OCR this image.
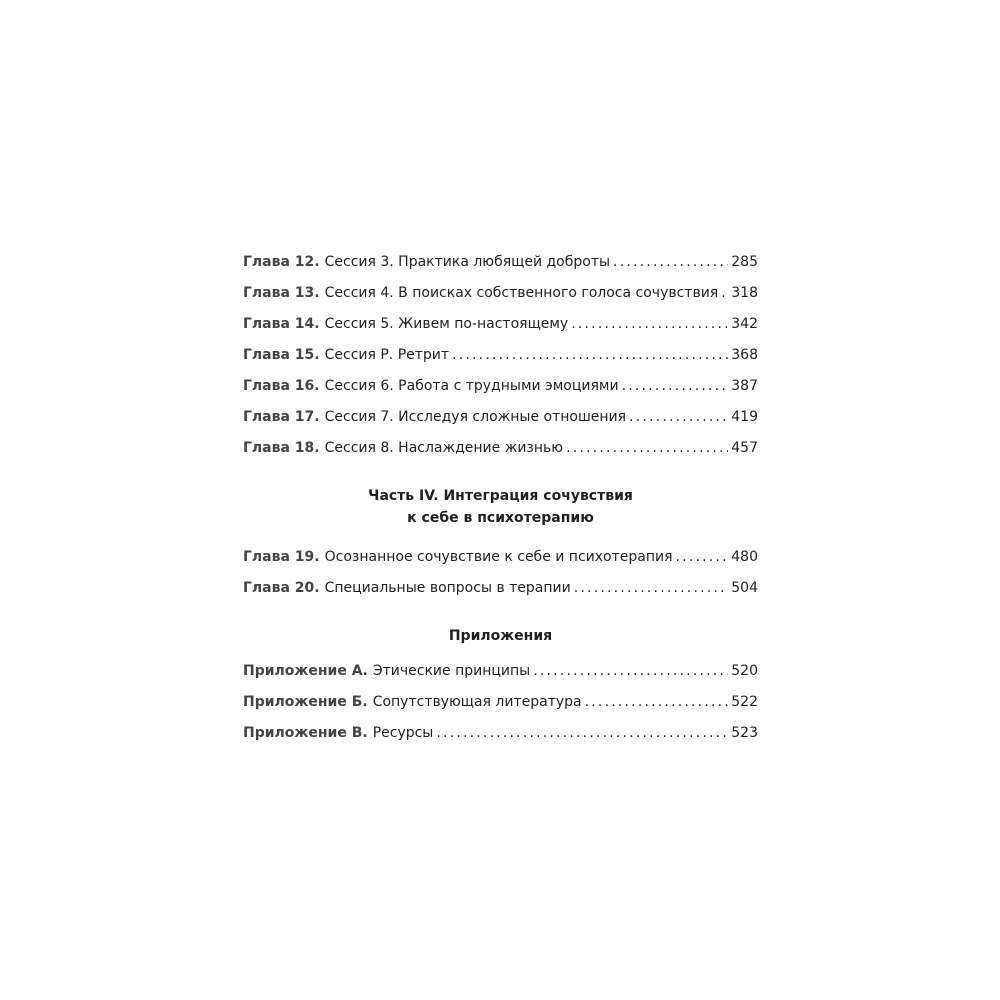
Глава 12. Сессия 3. Практика любящей доброты .....	285
Глава 13. Сессия 4. В поисках собственного голоса сочувствия ..... 318
Глава 14. Сессия 5. Живем по-настоящему .....	342
Глава 15. Сессия Р. Ретрит .....	368
Глава 16. Сессия 6. Работа с трудными эмоциями .....	387
Глава 17. Сессия 7. Исследуя сложные отношения .....	419
Глава 18. Сессия 8. Наслаждение жизнью .....	457
Часть IV. Интеграция сочувствия
к себе в психотерапию
Глава 19. Осознанное сочувствие к себе и психотерапия .....	480
Глава 20. Специальные вопросы в терапии .....	504
Приложения
Приложение А. Этические принципы .....	520
Приложение Б. Сопутствующая литература .....	522
Приложение В. Ресурсы .....	523
